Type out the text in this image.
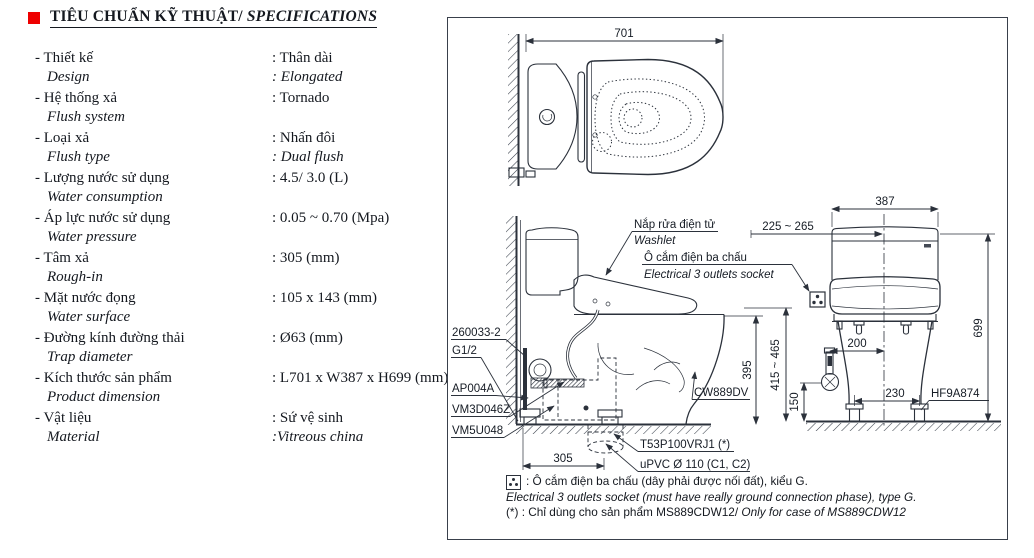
TIÊU CHUẨN KỸ THUẬT/ SPECIFICATIONS
- Thiết kế
Design
: Thân dài
: Elongated
- Hệ thống xả
Flush system
: Tornado
- Loại xả
Flush type
: Nhấn đôi
: Dual flush
- Lượng nước sử dụng
Water consumption
: 4.5/ 3.0 (L)
- Áp lực nước sử dụng
Water pressure
: 0.05 ~ 0.70 (Mpa)
- Tâm xả
Rough-in
: 305 (mm)
- Mặt nước đọng
Water surface
: 105 x 143 (mm)
- Đường kính đường thải
Trap diameter
: Ø63 (mm)
- Kích thước sản phẩm
Product dimension
: L701 x W387 x H699 (mm)
- Vật liệu
Material
: Sứ vệ sinh
:Vitreous china
701
305
395
260033-2
G1/2
AP004A
VM3D046Z
VM5U048
CW889DV
T53P100VRJ1 (*)
uPVC Ø 110 (C1, C2)
Nắp rửa điện tử
Washlet
Ô cắm điện ba chấu
Electrical 3 outlets socket
387
225 ~ 265
699
415 ~ 465
150
200
230 HF9A874
: Ô cắm điện ba chấu (dây phải được nối đất), kiểu G.
Electrical 3 outlets socket (must have really ground connection phase), type G.
(*) : Chỉ dùng cho sản phẩm MS889CDW12/ Only for case of MS889CDW12
